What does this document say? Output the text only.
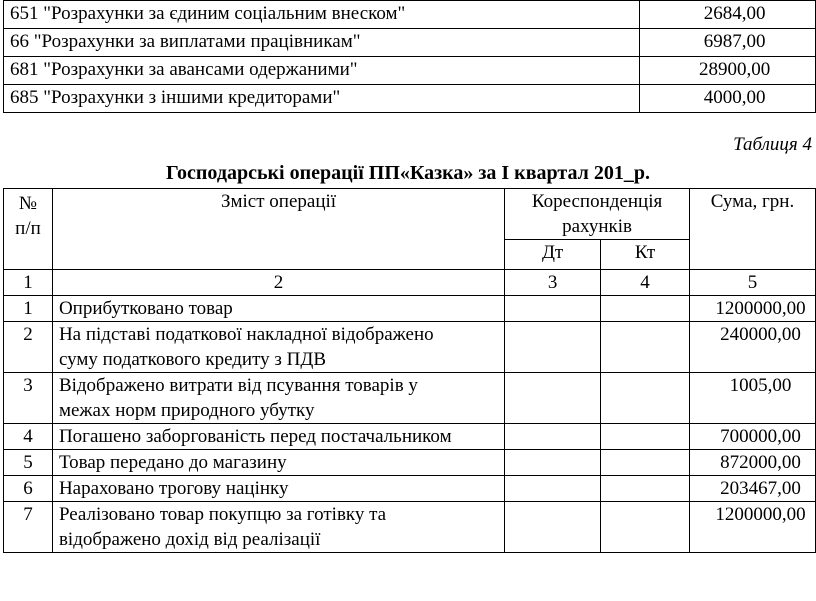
651 "Розрахунки за єдиним соціальним внеском"	2684,00
66 "Розрахунки за виплатами працівникам"	6987,00
681 "Розрахунки за авансами одержаними"	28900,00
685 "Розрахунки з іншими кредиторами"	4000,00
Таблиця 4
Господарські операції ПП«Казка» за I квартал 201_р.
№
п/п	Зміст операції	Кореспонденція рахунків		Сума, грн.
		Дт	Кт	
1	2	3	4	5
1	Оприбутковано товар			1200000,00
2	На підставі податкової накладної відображено
суму податкового кредиту з ПДВ			240000,00
3	Відображено витрати від псування товарів у
межах норм природного убутку			1005,00
4	Погашено заборгованість перед постачальником			700000,00
5	Товар передано до магазину			872000,00
6	Нараховано трогову націнку			203467,00
7	Реалізовано товар покупцю за готівку та
відображено дохід від реалізації			1200000,00
